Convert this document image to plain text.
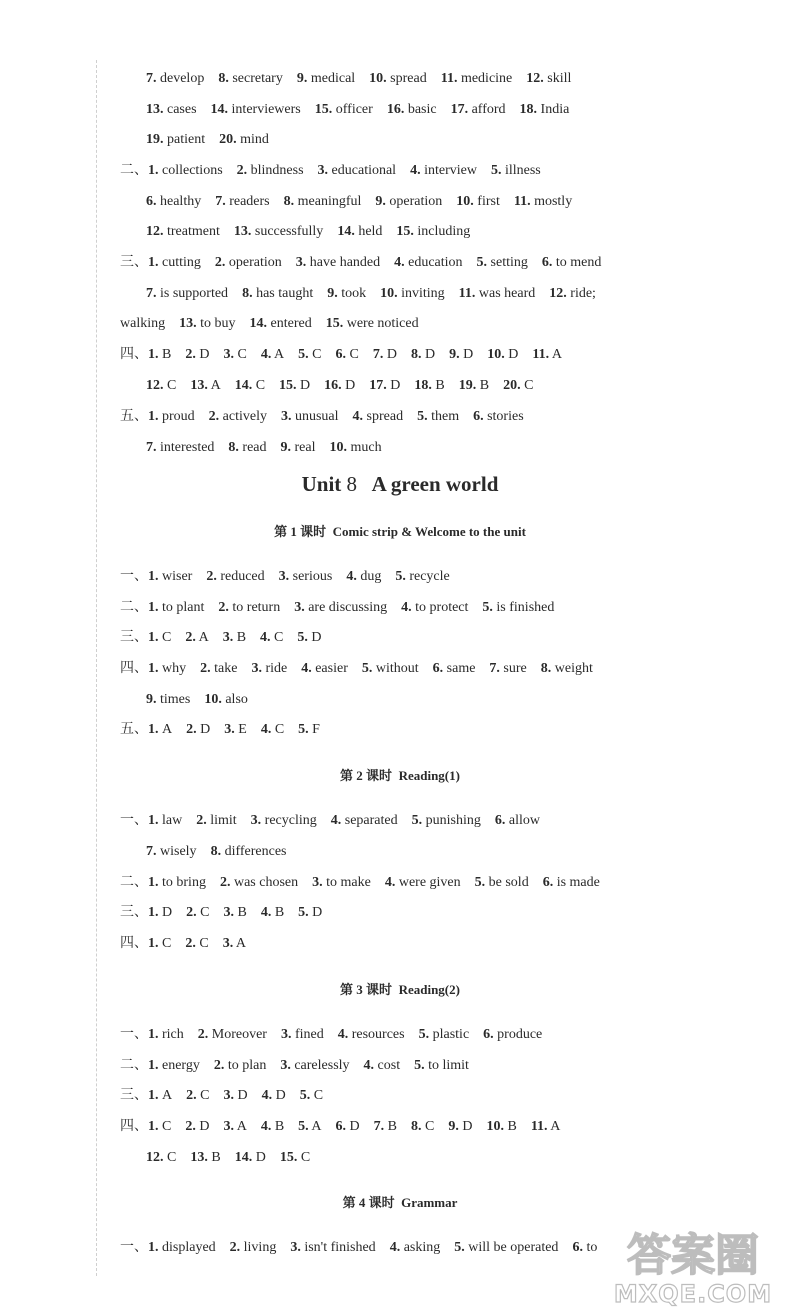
Unit 8 A green world
第 1 课时 Comic strip & Welcome to the unit
第 2 课时 Reading(1)
第 3 课时 Reading(2)
第 4 课时 Grammar
7. develop 8. secretary 9. medical 10. spread 11. medicine 12. skill
13. cases 14. interviewers 15. officer 16. basic 17. afford 18. India
19. patient 20. mind
二、1. collections 2. blindness 3. educational 4. interview 5. illness
6. healthy 7. readers 8. meaningful 9. operation 10. first 11. mostly
12. treatment 13. successfully 14. held 15. including
三、1. cutting 2. operation 3. have handed 4. education 5. setting 6. to mend
7. is supported 8. has taught 9. took 10. inviting 11. was heard 12. ride;
walking 13. to buy 14. entered 15. were noticed
四、1. B 2. D 3. C 4. A 5. C 6. C 7. D 8. D 9. D 10. D 11. A
12. C 13. A 14. C 15. D 16. D 17. D 18. B 19. B 20. C
五、1. proud 2. actively 3. unusual 4. spread 5. them 6. stories
7. interested 8. read 9. real 10. much
一、1. wiser 2. reduced 3. serious 4. dug 5. recycle
二、1. to plant 2. to return 3. are discussing 4. to protect 5. is finished
三、1. C 2. A 3. B 4. C 5. D
四、1. why 2. take 3. ride 4. easier 5. without 6. same 7. sure 8. weight
9. times 10. also
五、1. A 2. D 3. E 4. C 5. F
一、1. law 2. limit 3. recycling 4. separated 5. punishing 6. allow
7. wisely 8. differences
二、1. to bring 2. was chosen 3. to make 4. were given 5. be sold 6. is made
三、1. D 2. C 3. B 4. B 5. D
四、1. C 2. C 3. A
一、1. rich 2. Moreover 3. fined 4. resources 5. plastic 6. produce
二、1. energy 2. to plan 3. carelessly 4. cost 5. to limit
三、1. A 2. C 3. D 4. D 5. C
四、1. C 2. D 3. A 4. B 5. A 6. D 7. B 8. C 9. D 10. B 11. A
12. C 13. B 14. D 15. C
一、1. displayed 2. living 3. isn't finished 4. asking 5. will be operated 6. to 答案圈
MXQE.COM
